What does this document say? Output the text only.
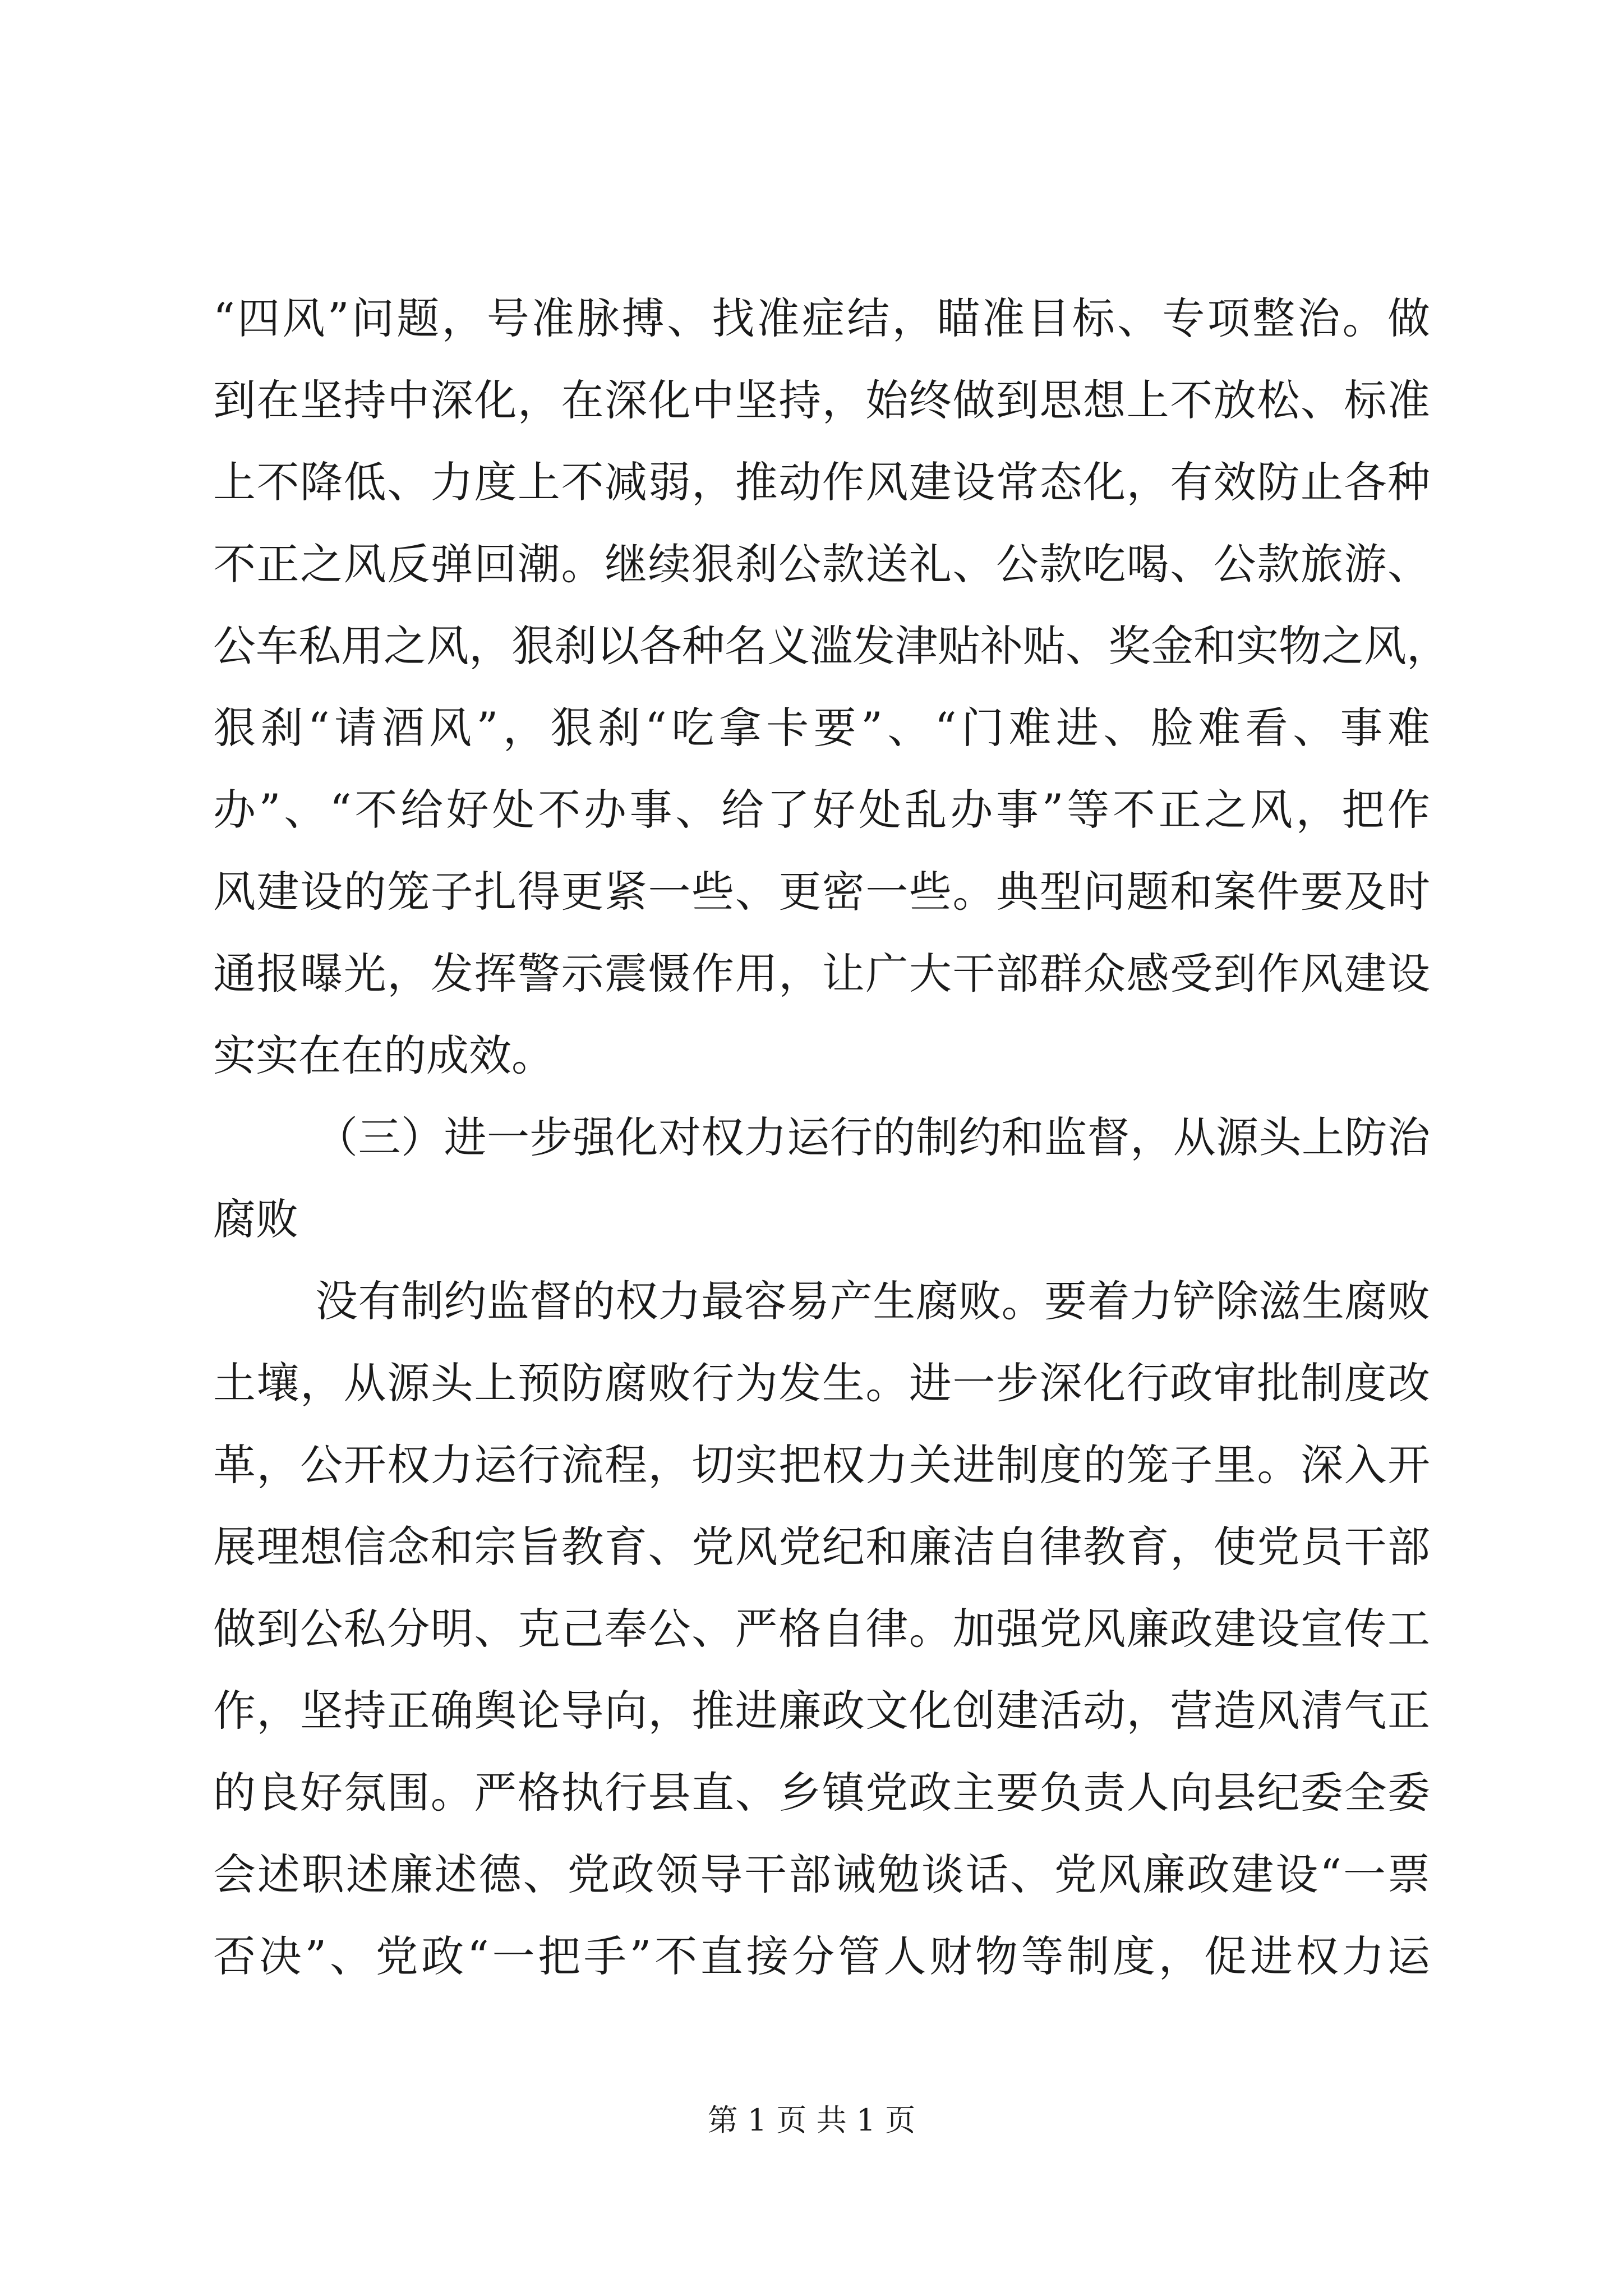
“四风”问题，号准脉搏、找准症结，瞄准目标、专项整治。做
到在坚持中深化，在深化中坚持，始终做到思想上不放松、标准
上不降低、力度上不减弱，推动作风建设常态化，有效防止各种
不正之风反弹回潮。继续狠刹公款送礼、公款吃喝、公款旅游、
公车私用之风，狠刹以各种名义滥发津贴补贴、奖金和实物之风，
狠刹“请酒风”，狠刹“吃拿卡要”、“门难进、脸难看、事难
办”、“不给好处不办事、给了好处乱办事”等不正之风，把作
风建设的笼子扎得更紧一些、更密一些。典型问题和案件要及时
通报曝光，发挥警示震慑作用，让广大干部群众感受到作风建设
实实在在的成效。
（三）进一步强化对权力运行的制约和监督，从源头上防治
腐败
没有制约监督的权力最容易产生腐败。要着力铲除滋生腐败
土壤，从源头上预防腐败行为发生。进一步深化行政审批制度改
革，公开权力运行流程，切实把权力关进制度的笼子里。深入开
展理想信念和宗旨教育、党风党纪和廉洁自律教育，使党员干部
做到公私分明、克己奉公、严格自律。加强党风廉政建设宣传工
作，坚持正确舆论导向，推进廉政文化创建活动，营造风清气正
的良好氛围。严格执行县直、乡镇党政主要负责人向县纪委全委
会述职述廉述德、党政领导干部诫勉谈话、党风廉政建设“一票
否决”、党政“一把手”不直接分管人财物等制度，促进权力运
第 1 页 共 1 页
